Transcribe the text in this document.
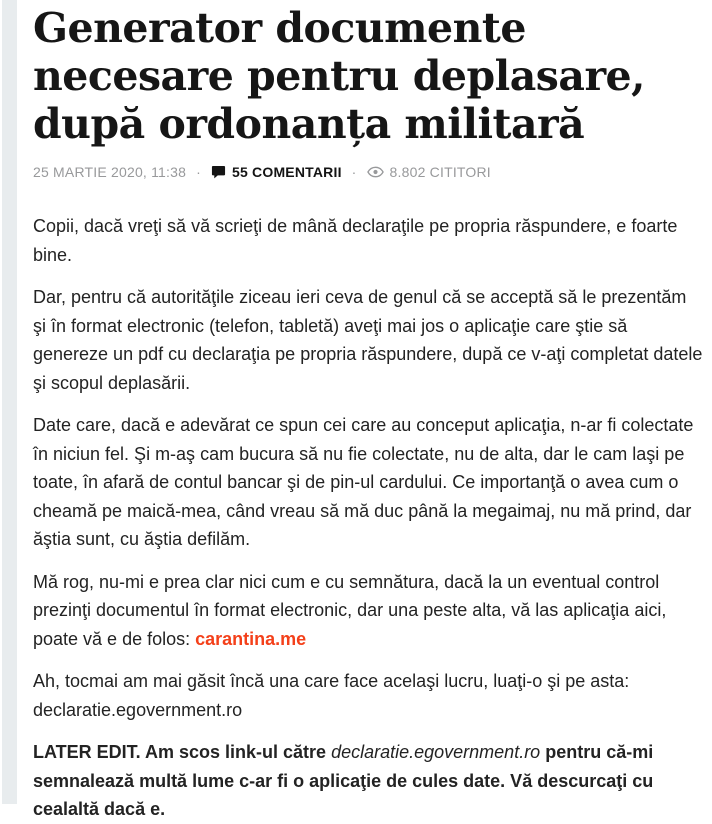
Generator documente necesare pentru deplasare, după ordonanța militară
25 MARTIE 2020, 11:38 · 55 COMENTARII · 8.802 CITITORI

Copii, dacă vreţi să vă scrieţi de mână declaraţile pe propria răspundere, e foarte bine.

Dar, pentru că autorităţile ziceau ieri ceva de genul că se acceptă să le prezentăm şi în format electronic (telefon, tabletă) aveţi mai jos o aplicaţie care ştie să genereze un pdf cu declaraţia pe propria răspundere, după ce v-aţi completat datele şi scopul deplasării.

Date care, dacă e adevărat ce spun cei care au conceput aplicaţia, n-ar fi colectate în niciun fel. Şi m-aş cam bucura să nu fie colectate, nu de alta, dar le cam laşi pe toate, în afară de contul bancar şi de pin-ul cardului. Ce importanţă o avea cum o cheamă pe maică-mea, când vreau să mă duc până la megaimaj, nu mă prind, dar ăştia sunt, cu ăştia defilăm.

Mă rog, nu-mi e prea clar nici cum e cu semnătura, dacă la un eventual control prezinţi documentul în format electronic, dar una peste alta, vă las aplicaţia aici, poate vă e de folos: carantina.me

Ah, tocmai am mai găsit încă una care face acelaşi lucru, luaţi-o şi pe asta: declaratie.egovernment.ro

LATER EDIT. Am scos link-ul către declaratie.egovernment.ro pentru că-mi semnalează multă lume c-ar fi o aplicaţie de cules date. Vă descurcaţi cu cealaltă dacă e.
